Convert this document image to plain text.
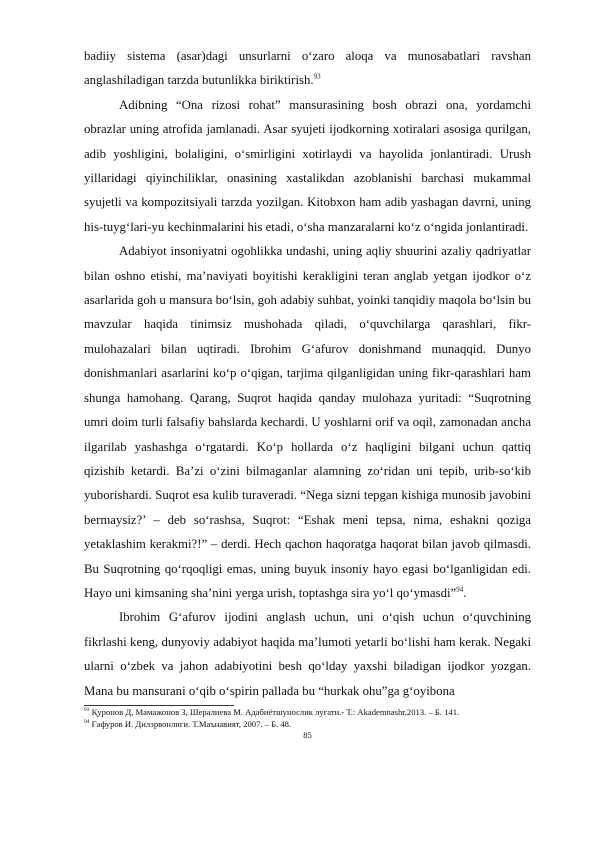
badiiy sistema (asar)dagi unsurlarni o‘zaro aloqa va munosabatlari ravshan anglashiladigan tarzda butunlikka biriktirish.$^{93}$

Adibning “Ona rizosi rohat” mansurasining bosh obrazi ona, yordamchi obrazlar uning atrofida jamlanadi. Asar syujeti ijodkorning xotiralari asosiga qurilgan, adib yoshligini, bolaligini, o‘smirligini xotirlaydi va hayolida jonlantiradi. Urush yillaridagi qiyinchiliklar, onasining xastalikdan azoblanishi barchasi mukammal syujetli va kompozitsiyali tarzda yozilgan. Kitobxon ham adib yashagan davrni, uning his-tuyg‘lari-yu kechinmalarini his etadi, o‘sha manzaralarni ko‘z o‘ngida jonlantiradi.

Adabiyot insoniyatni ogohlikka undashi, uning aqliy shuurini azaliy qadriyatlar bilan oshno etishi, ma’naviyati boyitishi kerakligini teran anglab yetgan ijodkor o‘z asarlarida goh u mansura bo‘lsin, goh adabiy suhbat, yoinki tanqidiy maqola bo‘lsin bu mavzular haqida tinimsiz mushohada qiladi, o‘quvchilarga qarashlari, fikr-mulohazalari bilan uqtiradi. Ibrohim G‘afurov donishmand munaqqid. Dunyo donishmanlari asarlarini ko‘p o‘qigan, tarjima qilganligidan uning fikr-qarashlari ham shunga hamohang. Qarang, Suqrot haqida qanday mulohaza yuritadi: “Suqrotning umri doim turli falsafiy bahslarda kechardi. U yoshlarni orif va oqil, zamonadan ancha ilgarilab yashashga o‘rgatardi. Ko‘p hollarda o‘z haqligini bilgani uchun qattiq qizishib ketardi. Ba’zi o‘zini bilmaganlar alamning zo‘ridan uni tepib, urib-so‘kib yuborishardi. Suqrot esa kulib turaveradi. “Nega sizni tepgan kishiga munosib javobini bermaysiz?’ – deb so‘rashsa, Suqrot: “Eshak meni tepsa, nima, eshakni qoziga yetaklashim kerakmi?!” – derdi. Hech qachon haqoratga haqorat bilan javob qilmasdi. Bu Suqrotning qo‘rqoqligi emas, uning buyuk insoniy hayo egasi bo‘lganligidan edi. Hayo uni kimsaning sha’nini yerga urish, toptashga sira yo‘l qo‘ymasdi”$^{94}$.

Ibrohim G‘afurov ijodini anglash uchun, uni o‘qish uchun o‘quvchining fikrlashi keng, dunyoviy adabiyot haqida ma’lumoti yetarli bo‘lishi ham kerak. Negaki ularni o‘zbek va jahon adabiyotini besh qo‘lday yaxshi biladigan ijodkor yozgan. Mana bu mansurani o‘qib o‘spirin pallada bu “hurkak ohu”ga g‘oyibona

$^{93}$ Қуронов Д, Мамажонов З, Шералиева М. Адабиётшунослик луғати.- Т.: Akademnashr,2013. – Б. 141.

$^{94}$ Ғафуров И. Дилэрвонлиги. Т.Маънавият, 2007. – Б. 48.

85
